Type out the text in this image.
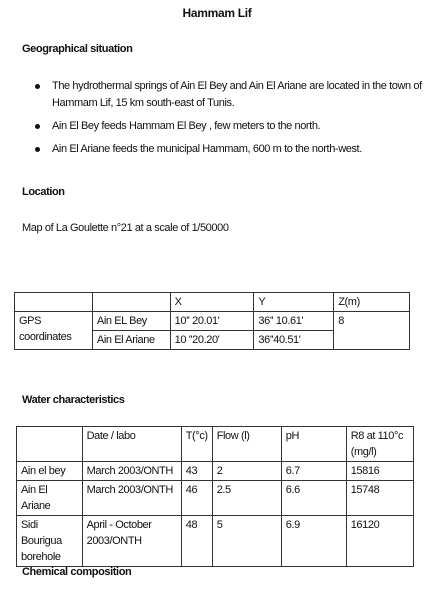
Hammam Lif
Geographical situation
The hydrothermal springs of Ain El Bey and Ain El Ariane are located in the town of Hammam Lif, 15 km south-east of Tunis.
Ain El Bey feeds Hammam El Bey , few meters to the north.
Ain El Ariane feeds the municipal Hammam, 600 m to the north-west.
Location
Map of La Goulette n°21 at a scale of 1/50000
		X	Y	Z(m)
GPS coordinates	Ain EL Bey	10'' 20.01'	36'' 10.61'	8
	Ain El Ariane	10 ''20.20'	36''40.51'	
Water characteristics
	Date / labo	T(°c)	Flow (l)	pH	R8 at 110°c (mg/l)
Ain el bey	March 2003/ONTH	43	2	6.7	15816
Ain El Ariane	March 2003/ONTH	46	2.5	6.6	15748
Sidi Bourigua borehole	April - October 2003/ONTH	48	5	6.9	16120
Chemical composition
